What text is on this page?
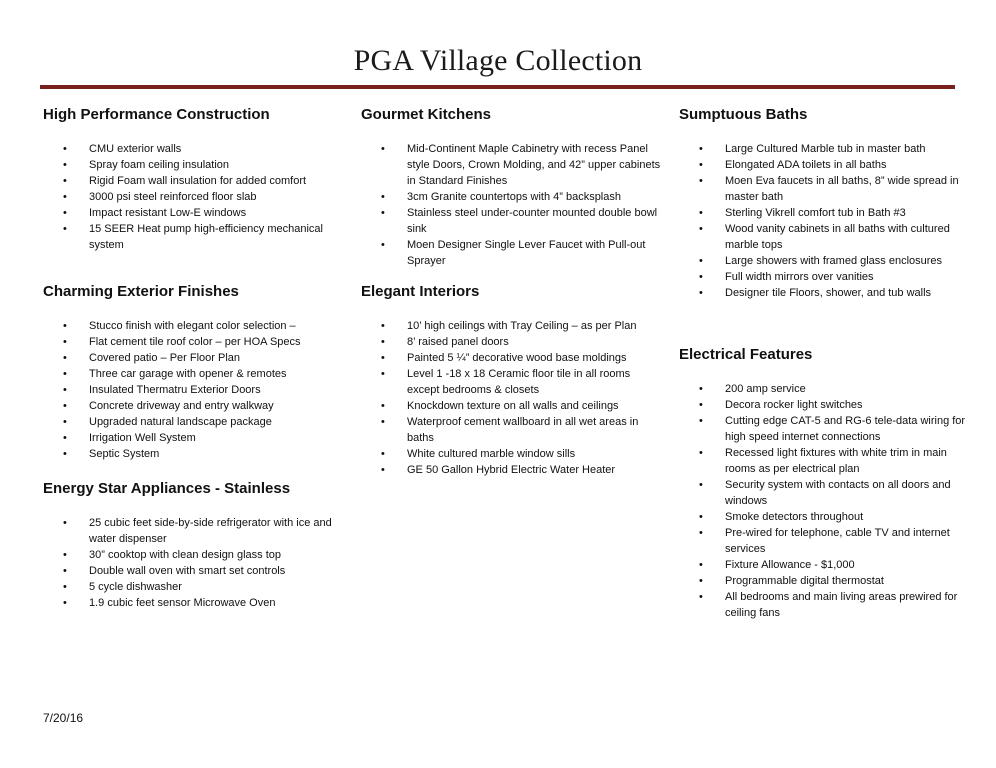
PGA Village Collection
High Performance Construction
• CMU exterior walls
• Spray foam ceiling insulation
• Rigid Foam wall insulation for added comfort
• 3000 psi steel reinforced floor slab
• Impact resistant Low-E windows
• 15 SEER Heat pump high-efficiency mechanical system
Charming Exterior Finishes
• Stucco finish with elegant color selection –
• Flat cement tile roof color – per HOA Specs
• Covered patio – Per Floor Plan
• Three car garage with opener & remotes
• Insulated Thermatru Exterior Doors
• Concrete driveway and entry walkway
• Upgraded natural landscape package
• Irrigation Well System
• Septic System
Energy Star Appliances - Stainless
• 25 cubic feet side-by-side refrigerator with ice and water dispenser
• 30” cooktop with clean design glass top
• Double wall oven with smart set controls
• 5 cycle dishwasher
• 1.9 cubic feet sensor Microwave Oven
Gourmet Kitchens
• Mid-Continent Maple Cabinetry with recess Panel style Doors, Crown Molding, and 42” upper cabinets in Standard Finishes
• 3cm Granite countertops with 4” backsplash
• Stainless steel under-counter mounted double bowl sink
• Moen Designer Single Lever Faucet with Pull-out Sprayer
Elegant Interiors
• 10’ high ceilings with Tray Ceiling – as per Plan
• 8’ raised panel doors
• Painted 5 ¼” decorative wood base moldings
• Level 1 -18 x 18 Ceramic floor tile in all rooms except bedrooms & closets
• Knockdown texture on all walls and ceilings
• Waterproof cement wallboard in all wet areas in baths
• White cultured marble window sills
• GE 50 Gallon Hybrid Electric Water Heater
Sumptuous Baths
• Large Cultured Marble tub in master bath
• Elongated ADA toilets in all baths
• Moen Eva faucets in all baths, 8” wide spread in master bath
• Sterling Vikrell comfort tub in Bath #3
• Wood vanity cabinets in all baths with cultured marble tops
• Large showers with framed glass enclosures
• Full width mirrors over vanities
• Designer tile Floors, shower, and tub walls
Electrical Features
• 200 amp service
• Decora rocker light switches
• Cutting edge CAT-5 and RG-6 tele-data wiring for high speed internet connections
• Recessed light fixtures with white trim in main rooms as per electrical plan
• Security system with contacts on all doors and windows
• Smoke detectors throughout
• Pre-wired for telephone, cable TV and internet services
• Fixture Allowance - $1,000
• Programmable digital thermostat
• All bedrooms and main living areas prewired for ceiling fans
7/20/16
